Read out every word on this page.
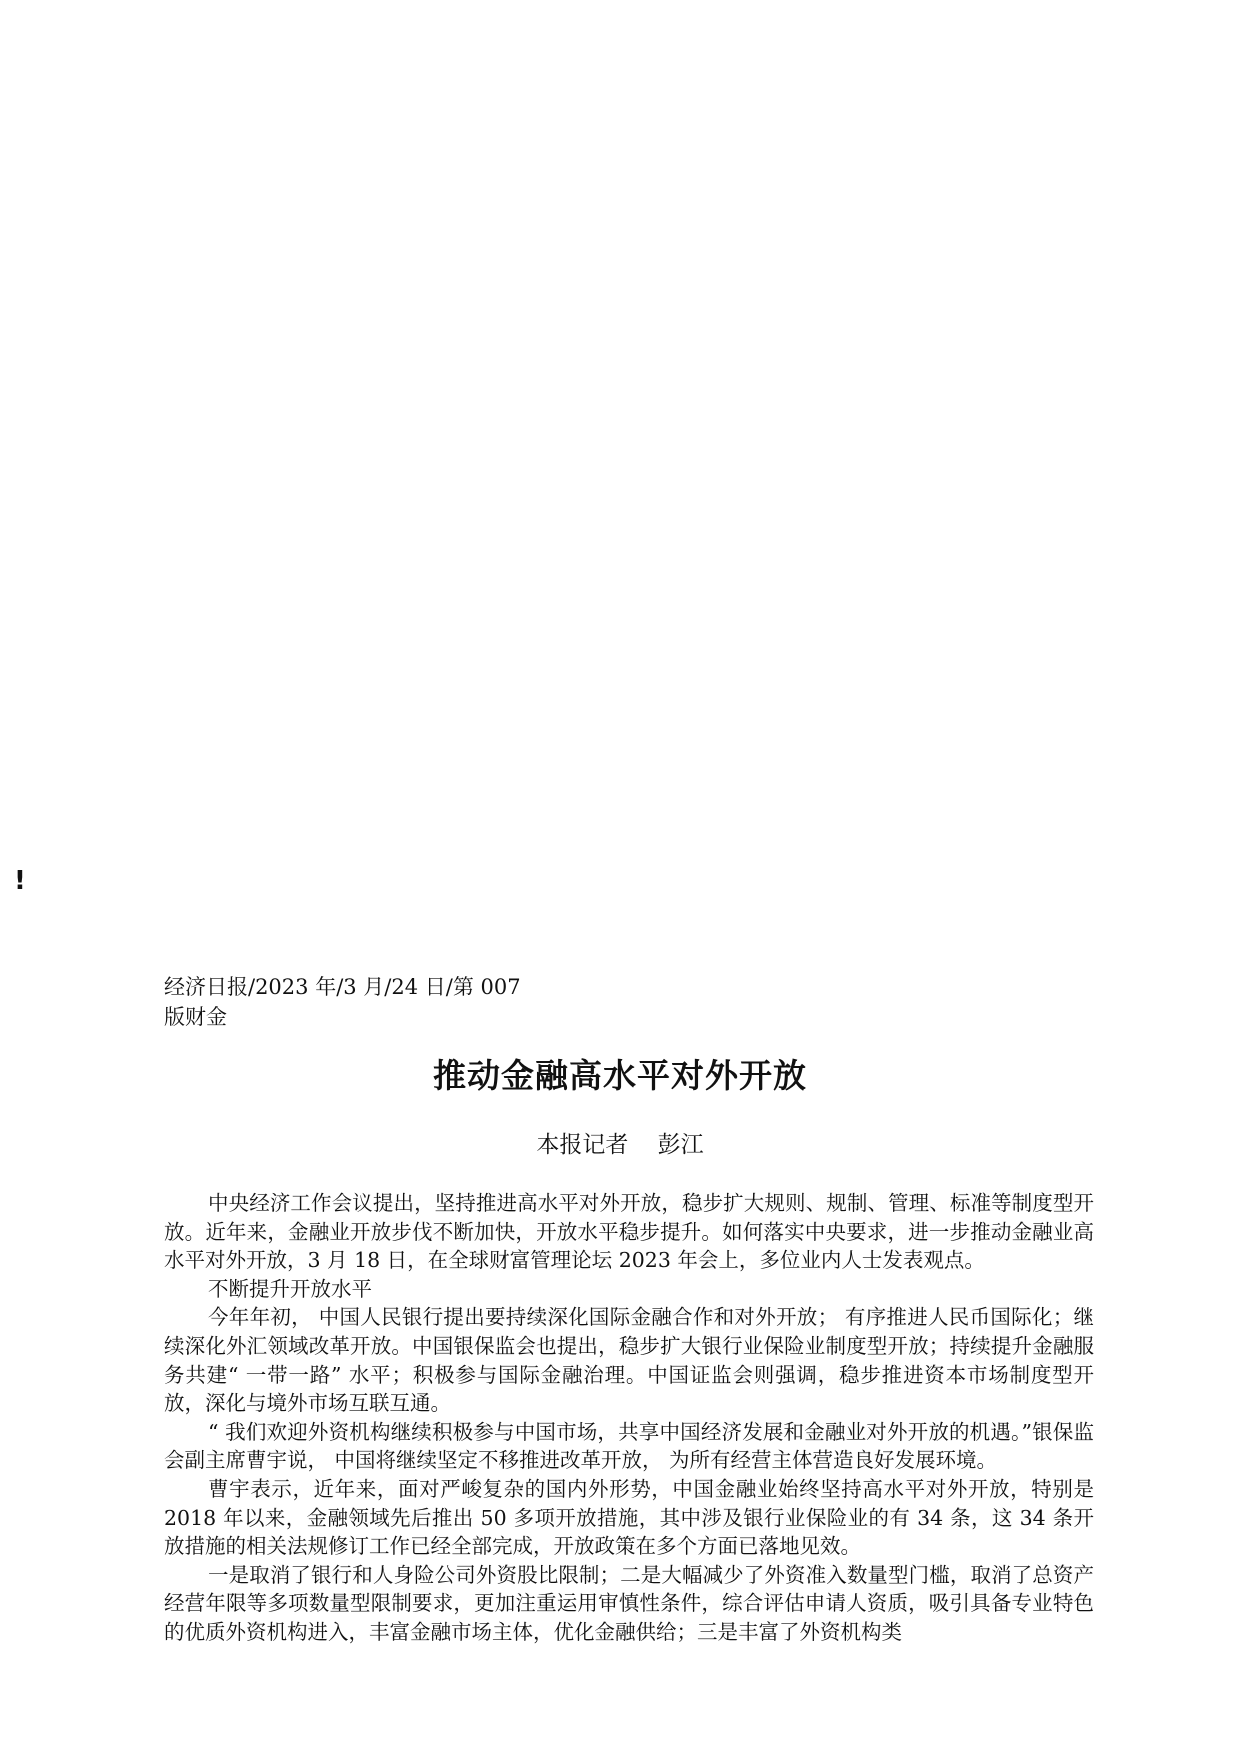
!
经济日报/2023 年/3 月/24 日/第 007 版财金
推动金融高水平对外开放
本报记者    彭江

中央经济工作会议提出，坚持推进高水平对外开放，稳步扩大规则、规制、管理、标准等制度型开放。近年来，金融业开放步伐不断加快，开放水平稳步提升。如何落实中央要求，进一步推动金融业高水平对外开放，3 月 18 日，在全球财富管理论坛 2023 年会上，多位业内人士发表观点。

不断提升开放水平

今年年初， 中国人民银行提出要持续深化国际金融合作和对外开放； 有序推进人民币国际化；继续深化外汇领域改革开放。中国银保监会也提出，稳步扩大银行业保险业制度型开放；持续提升金融服务共建“ 一带一路” 水平；积极参与国际金融治理。中国证监会则强调，稳步推进资本市场制度型开放，深化与境外市场互联互通。

“ 我们欢迎外资机构继续积极参与中国市场，共享中国经济发展和金融业对外开放的机遇。”银保监会副主席曹宇说， 中国将继续坚定不移推进改革开放， 为所有经营主体营造良好发展环境。

曹宇表示，近年来，面对严峻复杂的国内外形势，中国金融业始终坚持高水平对外开放，特别是 2018 年以来，金融领域先后推出 50 多项开放措施，其中涉及银行业保险业的有 34 条，这 34 条开放措施的相关法规修订工作已经全部完成，开放政策在多个方面已落地见效。

一是取消了银行和人身险公司外资股比限制；二是大幅减少了外资准入数量型门槛，取消了总资产经营年限等多项数量型限制要求，更加注重运用审慎性条件，综合评估申请人资质，吸引具备专业特色的优质外资机构进入，丰富金融市场主体，优化金融供给；三是丰富了外资机构类
